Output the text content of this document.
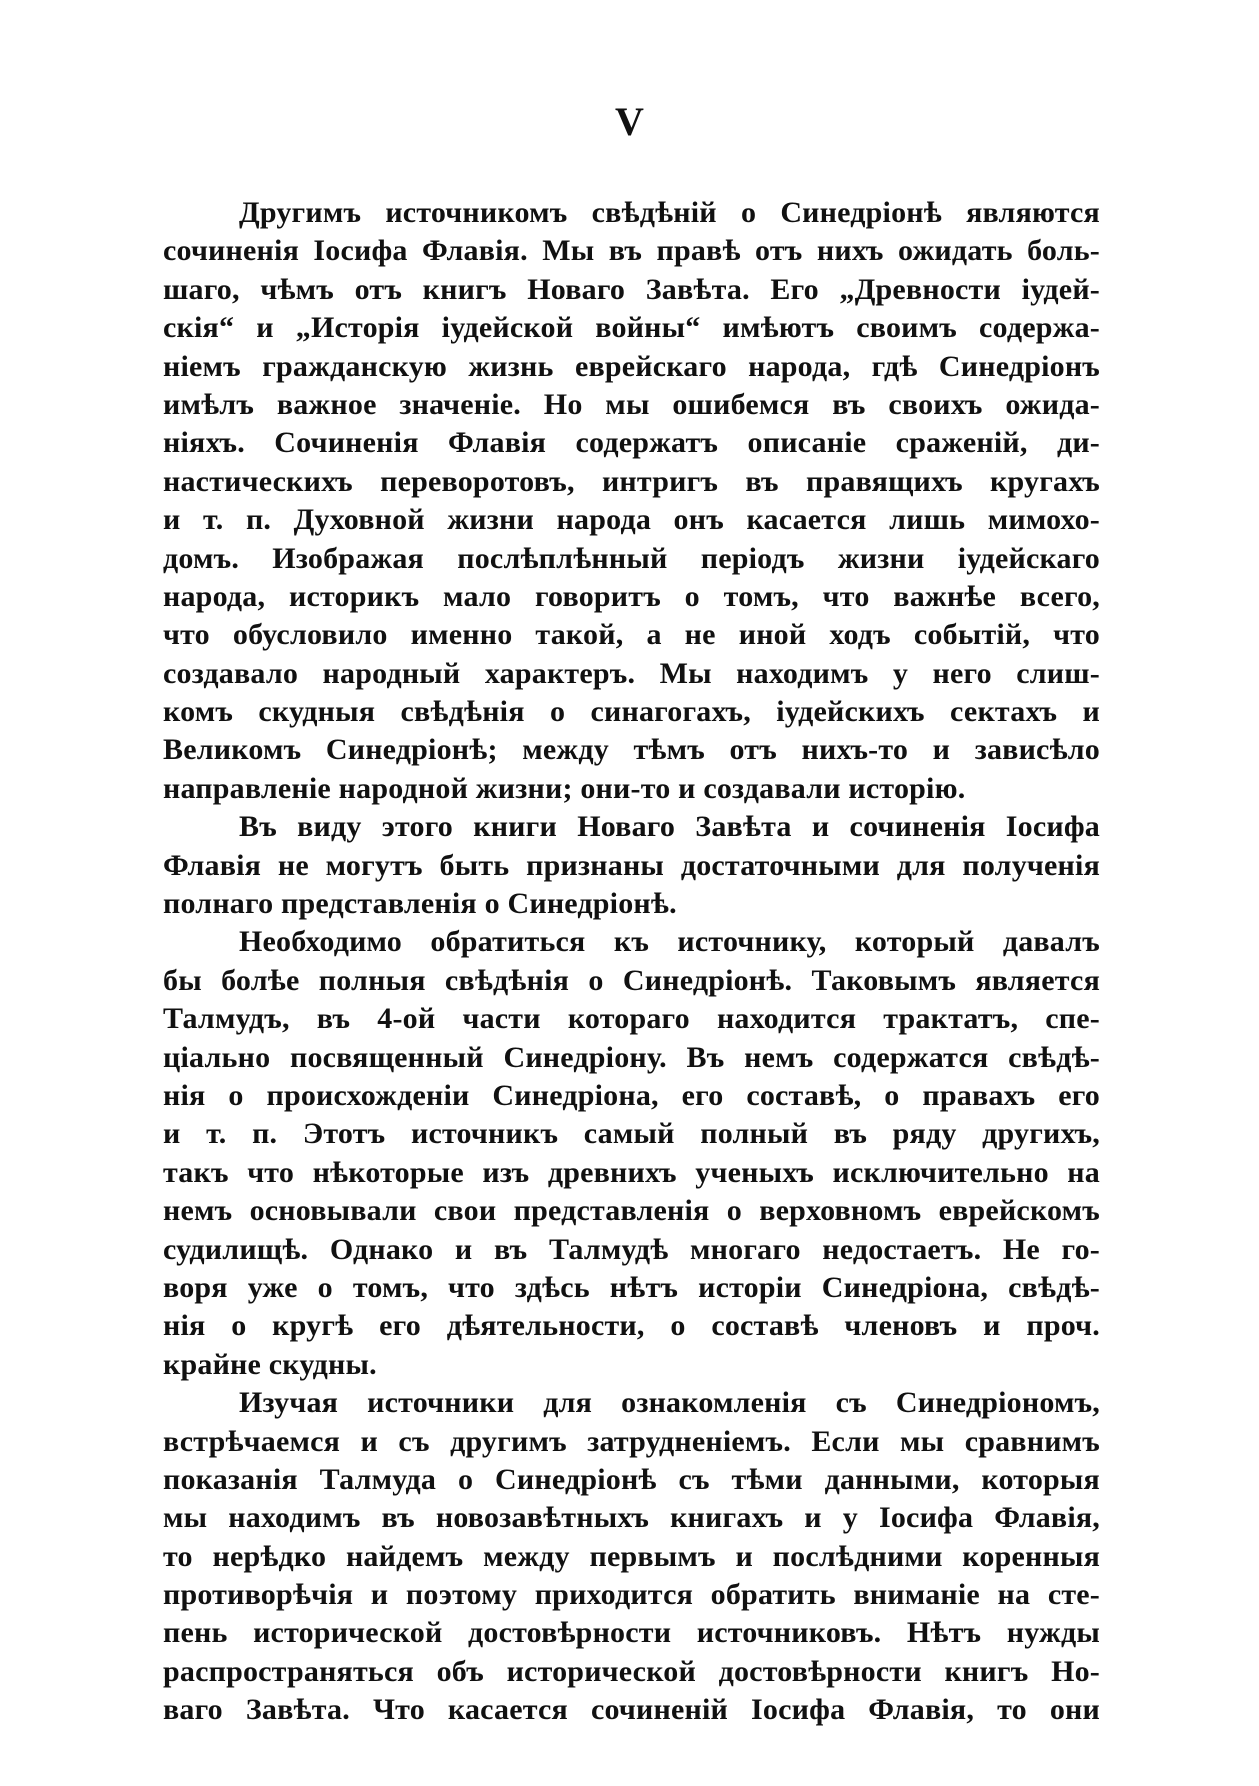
V
Другимъ источникомъ свѣдѣній о Синедріонѣ являются
сочиненія Іосифа Флавія. Мы въ правѣ отъ нихъ ожидать боль-
шаго, чѣмъ отъ книгъ Новаго Завѣта. Его „Древности іудей-
скія“ и „Исторія іудейской войны“ имѣютъ своимъ содержа-
ніемъ гражданскую жизнь еврейскаго народа, гдѣ Синедріонъ
имѣлъ важное значеніе. Но мы ошибемся въ своихъ ожида-
ніяхъ. Сочиненія Флавія содержатъ описаніе сраженій, ди-
настическихъ переворотовъ, интригъ въ правящихъ кругахъ
и т. п. Духовной жизни народа онъ касается лишь мимохо-
домъ. Изображая послѣплѣнный періодъ жизни іудейскаго
народа, историкъ мало говоритъ о томъ, что важнѣе всего,
что обусловило именно такой, а не иной ходъ событій, что
создавало народный характеръ. Мы находимъ у него слиш-
комъ скудныя свѣдѣнія о синагогахъ, іудейскихъ сектахъ и
Великомъ Синедріонѣ; между тѣмъ отъ нихъ-то и зависѣло
направленіе народной жизни; они-то и создавали исторію.
Въ виду этого книги Новаго Завѣта и сочиненія Іосифа
Флавія не могутъ быть признаны достаточными для полученія
полнаго представленія о Синедріонѣ.
Необходимо обратиться къ источнику, который давалъ
бы болѣе полныя свѣдѣнія о Синедріонѣ. Таковымъ является
Талмудъ, въ 4-ой части котораго находится трактатъ, спе-
ціально посвященный Синедріону. Въ немъ содержатся свѣдѣ-
нія о происхожденіи Синедріона, его составѣ, о правахъ его
и т. п. Этотъ источникъ самый полный въ ряду другихъ,
такъ что нѣкоторые изъ древнихъ ученыхъ исключительно на
немъ основывали свои представленія о верховномъ еврейскомъ
судилищѣ. Однако и въ Талмудѣ многаго недостаетъ. Не го-
воря уже о томъ, что здѣсь нѣтъ исторіи Синедріона, свѣдѣ-
нія о кругѣ его дѣятельности, о составѣ членовъ и проч.
крайне скудны.
Изучая источники для ознакомленія съ Синедріономъ,
встрѣчаемся и съ другимъ затрудненіемъ. Если мы сравнимъ
показанія Талмуда о Синедріонѣ съ тѣми данными, которыя
мы находимъ въ новозавѣтныхъ книгахъ и у Іосифа Флавія,
то нерѣдко найдемъ между первымъ и послѣдними коренныя
противорѣчія и поэтому приходится обратить вниманіе на сте-
пень исторической достовѣрности источниковъ. Нѣтъ нужды
распространяться объ исторической достовѣрности книгъ Но-
ваго Завѣта. Что касается сочиненій Іосифа Флавія, то они
